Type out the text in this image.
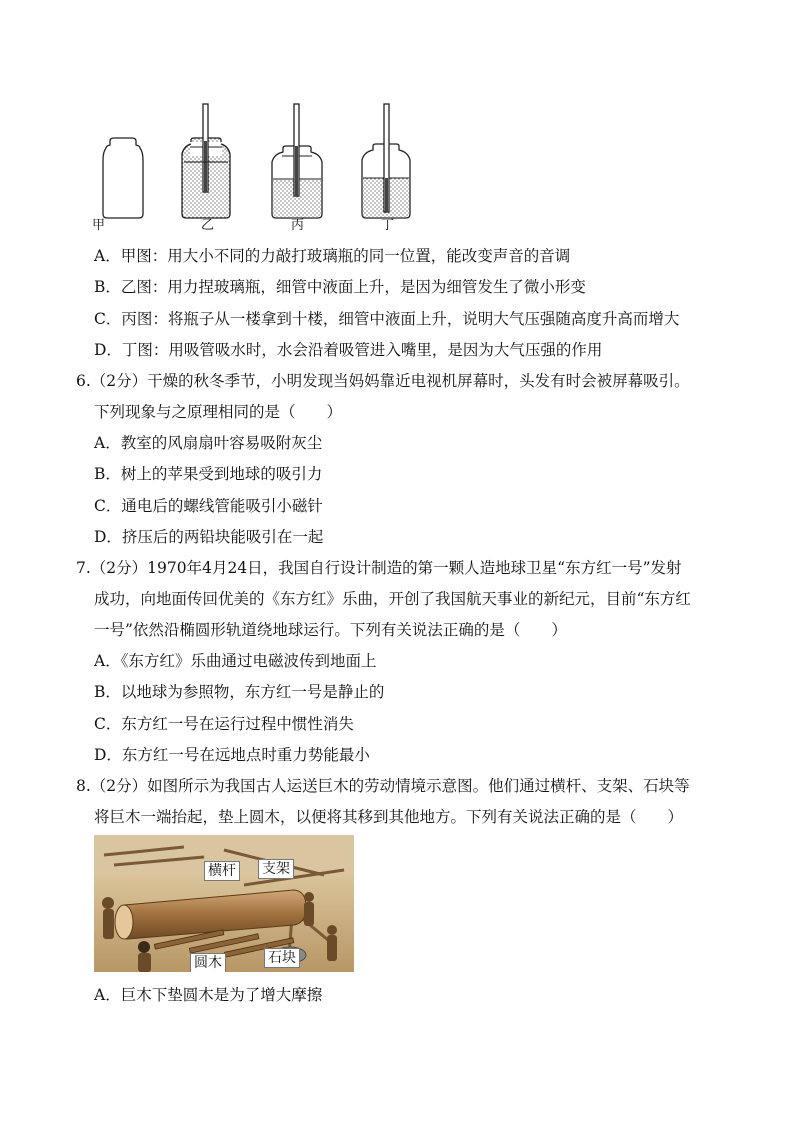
甲	乙	丙	丁
A．甲图：用大小不同的力敲打玻璃瓶的同一位置，能改变声音的音调
B．乙图：用力捏玻璃瓶，细管中液面上升，是因为细管发生了微小形变
C．丙图：将瓶子从一楼拿到十楼，细管中液面上升，说明大气压强随高度升高而增大
D．丁图：用吸管吸水时，水会沿着吸管进入嘴里，是因为大气压强的作用
6.（2分）干燥的秋冬季节，小明发现当妈妈靠近电视机屏幕时，头发有时会被屏幕吸引。
下列现象与之原理相同的是（　　）
A．教室的风扇扇叶容易吸附灰尘
B．树上的苹果受到地球的吸引力
C．通电后的螺线管能吸引小磁针
D．挤压后的两铅块能吸引在一起
7.（2分）1970年4月24日，我国自行设计制造的第一颗人造地球卫星“东方红一号”发射
成功，向地面传回优美的《东方红》乐曲，开创了我国航天事业的新纪元，目前“东方红
一号”依然沿椭圆形轨道绕地球运行。下列有关说法正确的是（　　）
A．《东方红》乐曲通过电磁波传到地面上
B．以地球为参照物，东方红一号是静止的
C．东方红一号在运行过程中惯性消失
D．东方红一号在远地点时重力势能最小
8.（2分）如图所示为我国古人运送巨木的劳动情境示意图。他们通过横杆、支架、石块等
将巨木一端抬起，垫上圆木，以便将其移到其他地方。下列有关说法正确的是（　　）
横杆 支架
圆木	石块
A．巨木下垫圆木是为了增大摩擦
